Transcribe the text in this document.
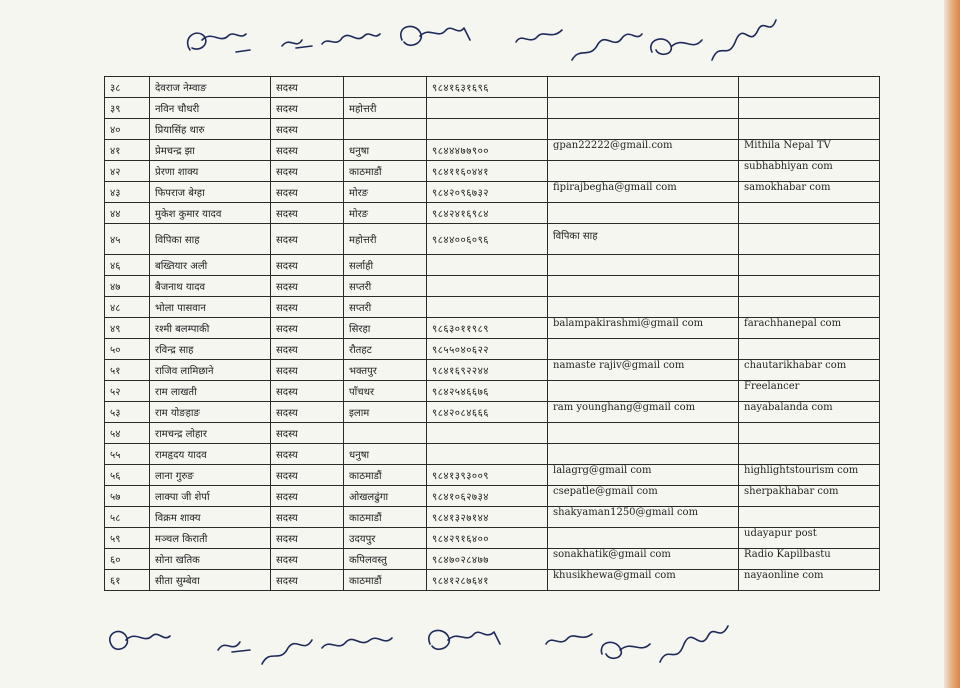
३८	देवराज नेम्वाङ	सदस्य		९८४१६३१६९६		
३९	नविन चौधरी	सदस्य	महोत्तरी			
४०	प्रियासिंह थारु	सदस्य				
४१	प्रेमचन्द्र झा	सदस्य	धनुषा	९८४४४७७९००	gpan22222@gmail.com	Mithila Nepal TV

४२	प्रेरणा शाक्य	सदस्य	काठमाडौं	९८४११६०४४१		subhabhiyan com

४३	फिपराज बेग्हा	सदस्य	मोरङ	९८४२०९६७३२	fipirajbegha@gmail com	samokhabar com

४४	मुकेश कुमार यादव	सदस्य	मोरङ	९८४२४१६९८४		
४५	विपिका साह	सदस्य	महोत्तरी	९८४४००६०९६	विपिका साह	

४६	बख्तियार अली	सदस्य	सर्लाही			
४७	बैजनाथ यादव	सदस्य	सप्तरी			
४८	भोला पासवान	सदस्य	सप्तरी			
४९	रश्मी बलम्पाकी	सदस्य	सिरहा	९८६३०११९८९	balampakirashmi@gmail com	farachhanepal com

५०	रविन्द्र साह	सदस्य	रौतहट	९८५५०४०६२२		
५१	राजिव लामिछाने	सदस्य	भक्तपुर	९८४१६९२२४४	namaste rajiv@gmail com	chautarikhabar com

५२	राम लाखती	सदस्य	पाँचथर	९८४२५४६६७६		Freelancer

५३	राम योङहाङ	सदस्य	इलाम	९८४२०८४६६६	ram younghang@gmail com	nayabalanda com

५४	रामचन्द्र लोहार	सदस्य				
५५	रामहृदय यादव	सदस्य	धनुषा			
५६	लाना गुरुङ	सदस्य	काठमाडौं	९८४१३९३००९	lalagrg@gmail com	highlightstourism com

५७	लाक्पा जी शेर्पा	सदस्य	ओखलढुंगा	९८४१०६२७३४	csepatle@gmail com	sherpakhabar com

५८	विक्रम शाक्य	सदस्य	काठमाडौं	९८४१३२७१४४	shakyaman1250@gmail com	

५९	मञ्चल किराती	सदस्य	उदयपुर	९८४२९१६४००		udayapur post

६०	सोना खतिक	सदस्य	कपिलवस्तु	९८४७०२८४७७	sonakhatik@gmail com	Radio Kapilbastu

६१	सीता सुम्बेवा	सदस्य	काठमाडौं	९८४१२८७६४१	khusikhewa@gmail com	nayaonline com
